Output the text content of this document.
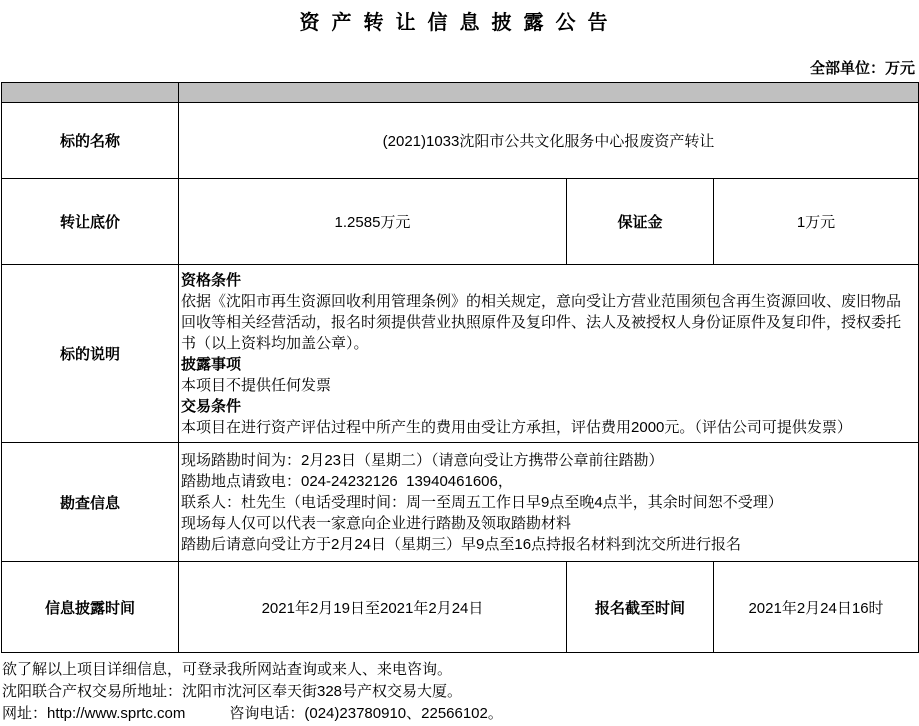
资产转让信息披露公告
全部单位：万元

标的名称	(2021)1033沈阳市公共文化服务中心报废资产转让		
转让底价	1.2585万元	保证金	1万元
标的说明	
资格条件
依据《沈阳市再生资源回收利用管理条例》的相关规定，意向受让方营业范围须包含再生资源回收、废旧物品回收等相关经营活动，报名时须提供营业执照原件及复印件、法人及被授权人身份证原件及复印件，授权委托书（以上资料均加盖公章）。
披露事项
本项目不提供任何发票
交易条件
本项目在进行资产评估过程中所产生的费用由受让方承担，评估费用2000元。（评估公司可提供发票）

勘查信息	现场踏勘时间为：2月23日（星期二）（请意向受让方携带公章前往踏勘）
踏勘地点请致电：024-24232126  13940461606，
联系人：杜先生（电话受理时间：周一至周五工作日早9点至晚4点半，其余时间恕不受理）
现场每人仅可以代表一家意向企业进行踏勘及领取踏勘材料
踏勘后请意向受让方于2月24日（星期三）早9点至16点持报名材料到沈交所进行报名		

信息披露时间	2021年2月19日至2021年2月24日	报名截至时间	2021年2月24日16时
欲了解以上项目详细信息，可登录我所网站查询或来人、来电咨询。
沈阳联合产权交易所地址：沈阳市沈河区奉天街328号产权交易大厦。
网址：http://www.sprtc.com	咨询电话：(024)23780910、22566102。
